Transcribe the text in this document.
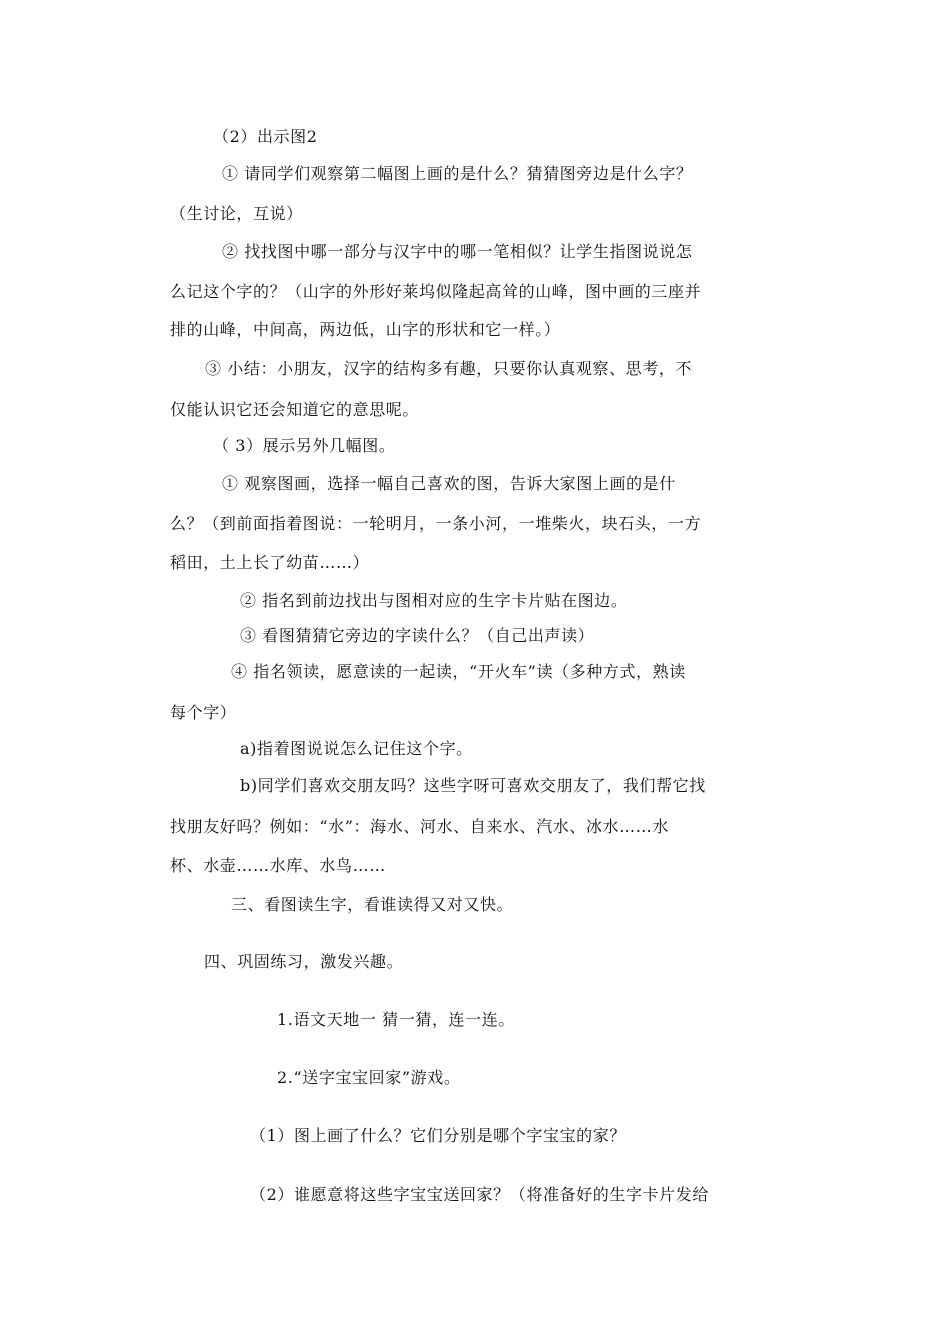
（2）出示图2
① 请同学们观察第二幅图上画的是什么？猜猜图旁边是什么字？
（生讨论，互说）
② 找找图中哪一部分与汉字中的哪一笔相似？让学生指图说说怎
么记这个字的？（山字的外形好莱坞似隆起高耸的山峰，图中画的三座并
排的山峰，中间高，两边低，山字的形状和它一样。）
③ 小结：小朋友，汉字的结构多有趣，只要你认真观察、思考，不
仅能认识它还会知道它的意思呢。
（ 3）展示另外几幅图。
① 观察图画，选择一幅自己喜欢的图，告诉大家图上画的是什
么？（到前面指着图说：一轮明月，一条小河，一堆柴火，块石头，一方
稻田，土上长了幼苗……）
② 指名到前边找出与图相对应的生字卡片贴在图边。
③ 看图猜猜它旁边的字读什么？（自己出声读）
④ 指名领读，愿意读的一起读，“开火车”读（多种方式，熟读
每个字）
a)指着图说说怎么记住这个字。
b)同学们喜欢交朋友吗？这些字呀可喜欢交朋友了，我们帮它找
找朋友好吗？例如：“水”：海水、河水、自来水、汽水、冰水……水
杯、水壶……水库、水鸟……
三、看图读生字，看谁读得又对又快。
四、巩固练习，激发兴趣。
1.语文天地一 猜一猜，连一连。
2.“送字宝宝回家”游戏。
（1）图上画了什么？它们分别是哪个字宝宝的家？
（2）谁愿意将这些字宝宝送回家？（将准备好的生字卡片发给
